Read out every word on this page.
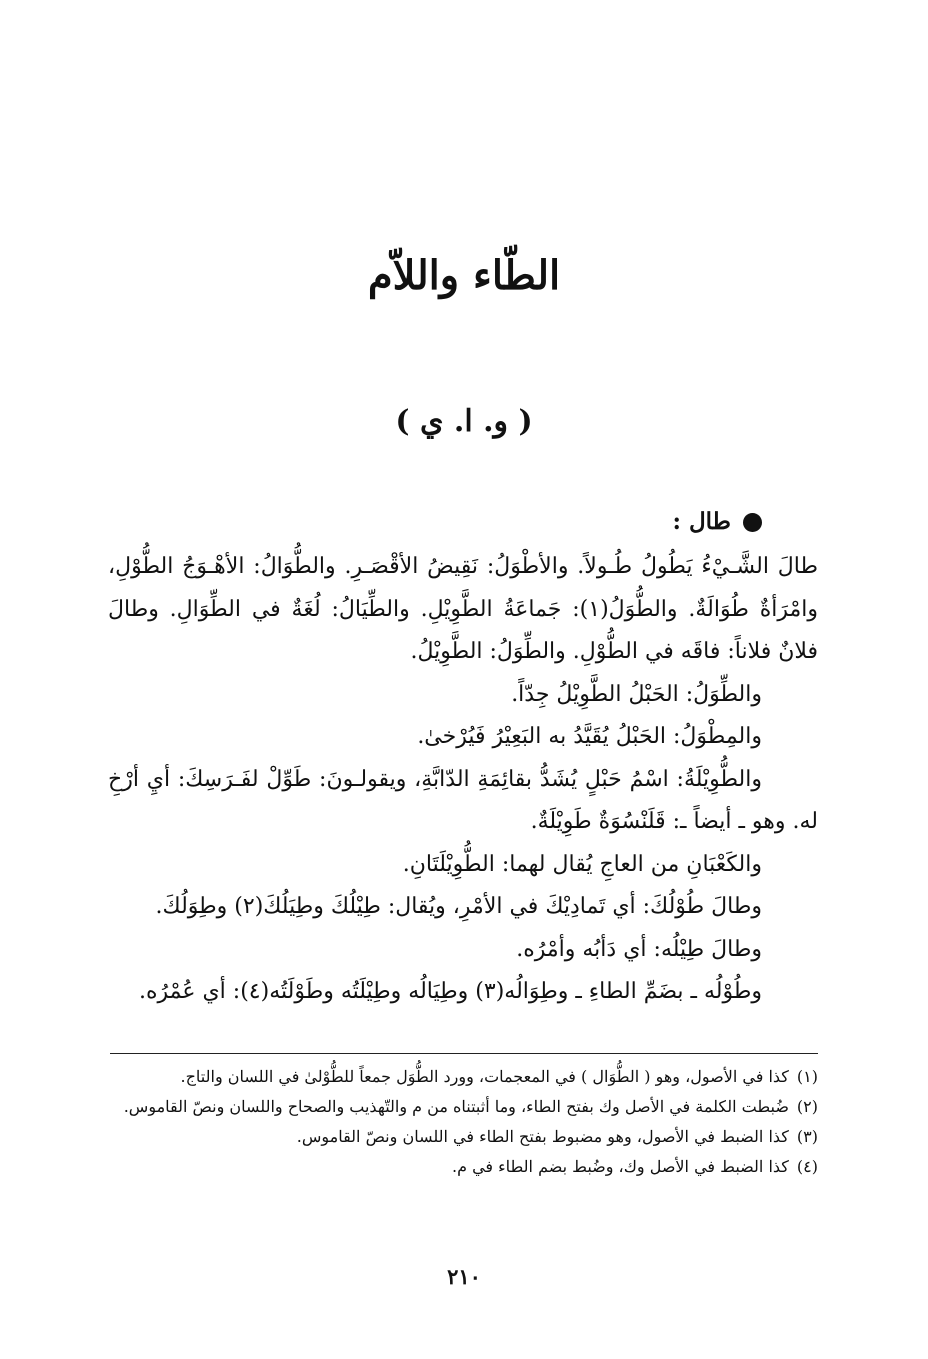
الطّاء واللاّم
( و. ا. ي )
طال :

طالَ الشَّـيْءُ يَطُولُ طُـولاً. والأطْوَلُ: نَقِيضُ الأقْصَـرِ. والطُّوَالُ: الأهْـوَجُ الطُّوْلِ، وامْرَأةٌ طُوَالَةٌ. والطُّوَلُ(١): جَماعَةُ الطَّوِيْلِ. والطِّيَالُ: لُغَةٌ في الطِّوَالِ. وطالَ فلانٌ فلاناً: فاقَه في الطُّوْلِ. والطِّوَلُ: الطَّوِيْلُ.

والطِّوَلُ: الحَبْلُ الطَّوِيْلُ جِدّاً.

والمِطْوَلُ: الحَبْلُ يُقَيَّدُ به البَعِيْرُ فَيُرْخىٰ.

والطُّوِيْلَةُ: اسْمُ حَبْلٍ يُشَدُّ بقائِمَةِ الدّابَّةِ، ويقولـونَ: طَوِّلْ لفَـرَسِكَ: أيِ أرْخِ له. وهو ـ أيضاً ـ: قَلَنْسُوَةٌ طَوِيْلَةٌ.

والكَعْبَانِ من العاجِ يُقال لهما: الطُّوِيْلَتَانِ.

وطالَ طُوْلُكَ: أي تَمادِيْكَ في الأمْرِ، ويُقال: طِيْلُكَ وطِيَلُكَ(٢) وطِوَلُكَ.

وطالَ طِيْلُه: أي دَأبُه وأمْرُه.

وطُوْلُه ـ بضَمِّ الطاءِ ـ وطِوَالُه(٣) وطِيَالُه وطِيْلَتُه وطَوْلَتُه(٤): أي عُمْرُه.

(١)
كذا في الأصول، وهو ( الطُّوَال ) في المعجمات، وورد الطُّوَل جمعاً للطُّوْلىٰ في اللسان والتاج.
(٢)
ضُبطت الكلمة في الأصل وك بفتح الطاء، وما أثبتناه من م والتّهذيب والصحاح واللسان ونصّ القاموس.
(٣)
كذا الضبط في الأصول، وهو مضبوط بفتح الطاء في اللسان ونصّ القاموس.
(٤)
كذا الضبط في الأصل وك، وضُبط بضم الطاء في م.
٢١٠
